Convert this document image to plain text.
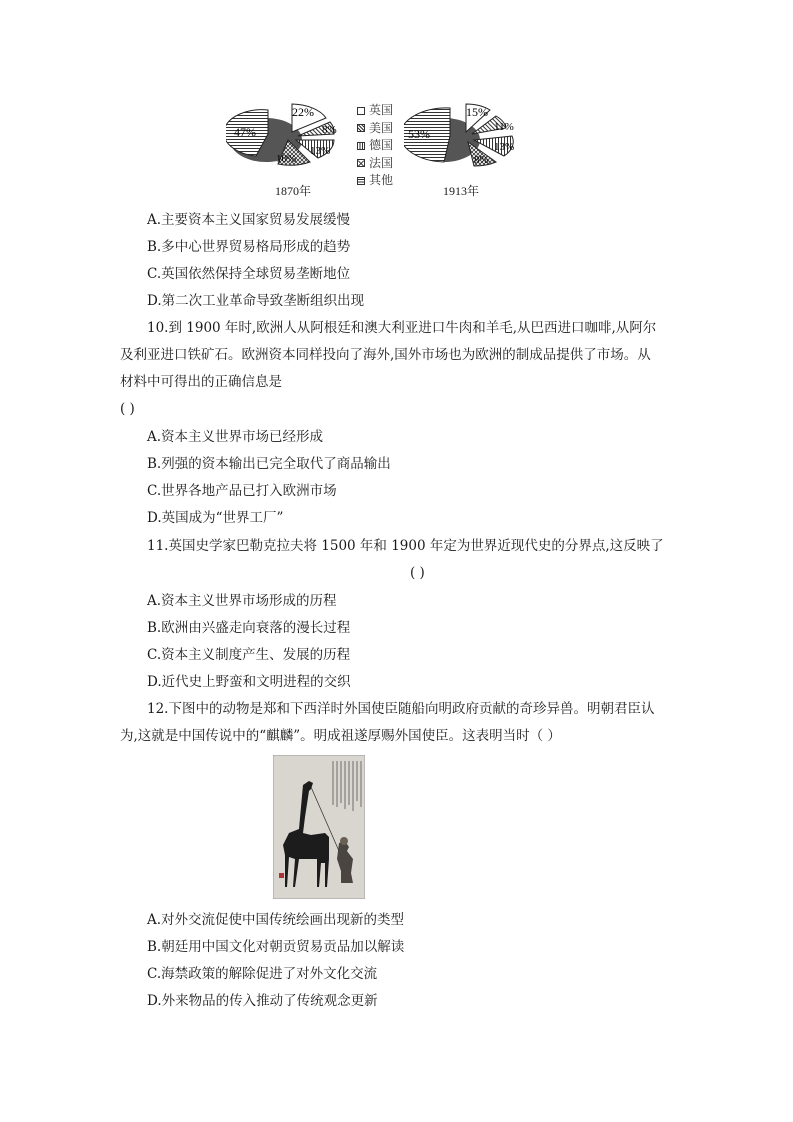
47%
22%
8%
13%
10%
1870年
英国
美国
德国
法国
其他
53%
15%
11%
13%
8%
1913年
A.主要资本主义国家贸易发展缓慢
B.多中心世界贸易格局形成的趋势
C.英国依然保持全球贸易垄断地位
D.第二次工业革命导致垄断组织出现
10.到 1900 年时,欧洲人从阿根廷和澳大利亚进口牛肉和羊毛,从巴西进口咖啡,从阿尔
及利亚进口铁矿石。欧洲资本同样投向了海外,国外市场也为欧洲的制成品提供了市场。从
材料中可得出的正确信息是
( )
A.资本主义世界市场已经形成
B.列强的资本输出已完全取代了商品输出
C.世界各地产品已打入欧洲市场
D.英国成为“世界工厂”
11.英国史学家巴勒克拉夫将 1500 年和 1900 年定为世界近现代史的分界点,这反映了
( )
A.资本主义世界市场形成的历程
B.欧洲由兴盛走向衰落的漫长过程
C.资本主义制度产生、发展的历程
D.近代史上野蛮和文明进程的交织
12.下图中的动物是郑和下西洋时外国使臣随船向明政府贡献的奇珍异兽。明朝君臣认
为,这就是中国传说中的“麒麟”。明成祖遂厚赐外国使臣。这表明当时（ ）
A.对外交流促使中国传统绘画出现新的类型
B.朝廷用中国文化对朝贡贸易贡品加以解读
C.海禁政策的解除促进了对外文化交流
D.外来物品的传入推动了传统观念更新
